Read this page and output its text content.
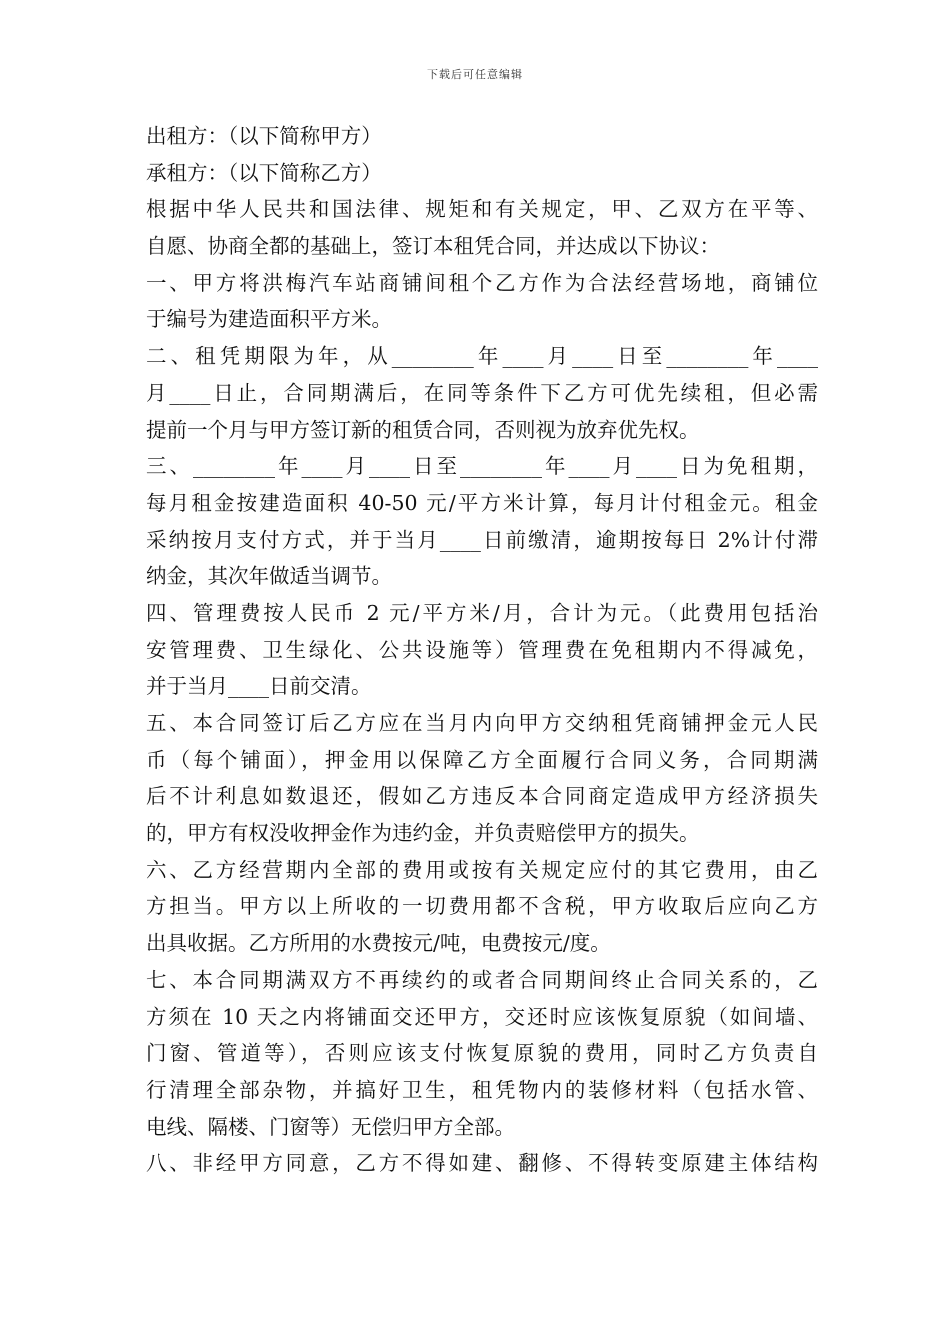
下载后可任意编辑
出租方：（以下简称甲方）
承租方：（以下简称乙方）
根据中华人民共和国法律、规矩和有关规定，甲、乙双方在平等、
自愿、协商全都的基础上，签订本租凭合同，并达成以下协议：
一、甲方将洪梅汽车站商铺间租个乙方作为合法经营场地，商铺位
于编号为建造面积平方米。
二、租凭期限为年，从________年____月____日至________年____
月____日止，合同期满后，在同等条件下乙方可优先续租，但必需
提前一个月与甲方签订新的租赁合同，否则视为放弃优先权。
三、________年____月____日至________年____月____日为免租期，
每月租金按建造面积 40-50 元/平方米计算，每月计付租金元。租金
采纳按月支付方式，并于当月____日前缴清，逾期按每日 2%计付滞
纳金，其次年做适当调节。
四、管理费按人民币 2 元/平方米/月，合计为元。（此费用包括治
安管理费、卫生绿化、公共设施等）管理费在免租期内不得减免，
并于当月____日前交清。
五、本合同签订后乙方应在当月内向甲方交纳租凭商铺押金元人民
币（每个铺面），押金用以保障乙方全面履行合同义务，合同期满
后不计利息如数退还，假如乙方违反本合同商定造成甲方经济损失
的，甲方有权没收押金作为违约金，并负责赔偿甲方的损失。
六、乙方经营期内全部的费用或按有关规定应付的其它费用，由乙
方担当。甲方以上所收的一切费用都不含税，甲方收取后应向乙方
出具收据。乙方所用的水费按元/吨，电费按元/度。
七、本合同期满双方不再续约的或者合同期间终止合同关系的，乙
方须在 10 天之内将铺面交还甲方，交还时应该恢复原貌（如间墙、
门窗、管道等），否则应该支付恢复原貌的费用，同时乙方负责自
行清理全部杂物，并搞好卫生，租凭物内的装修材料（包括水管、
电线、隔楼、门窗等）无偿归甲方全部。
八、非经甲方同意，乙方不得如建、翻修、不得转变原建主体结构
